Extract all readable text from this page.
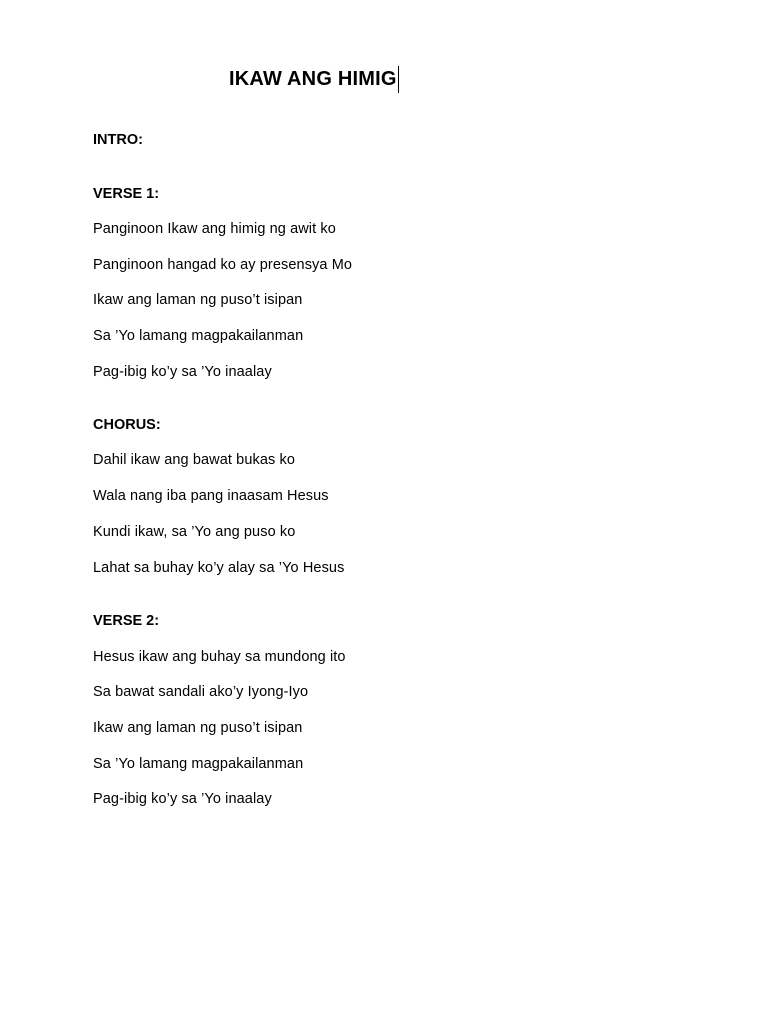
IKAW ANG HIMIG
INTRO:
VERSE 1:
Panginoon Ikaw ang himig ng awit ko
Panginoon hangad ko ay presensya Mo
Ikaw ang laman ng puso’t isipan
Sa ’Yo lamang magpakailanman
Pag-ibig ko’y sa ’Yo inaalay
CHORUS:
Dahil ikaw ang bawat bukas ko
Wala nang iba pang inaasam Hesus
Kundi ikaw, sa ’Yo ang puso ko
Lahat sa buhay ko’y alay sa ’Yo Hesus
VERSE 2:
Hesus ikaw ang buhay sa mundong ito
Sa bawat sandali ako’y Iyong-Iyo
Ikaw ang laman ng puso’t isipan
Sa ’Yo lamang magpakailanman
Pag-ibig ko’y sa ’Yo inaalay
